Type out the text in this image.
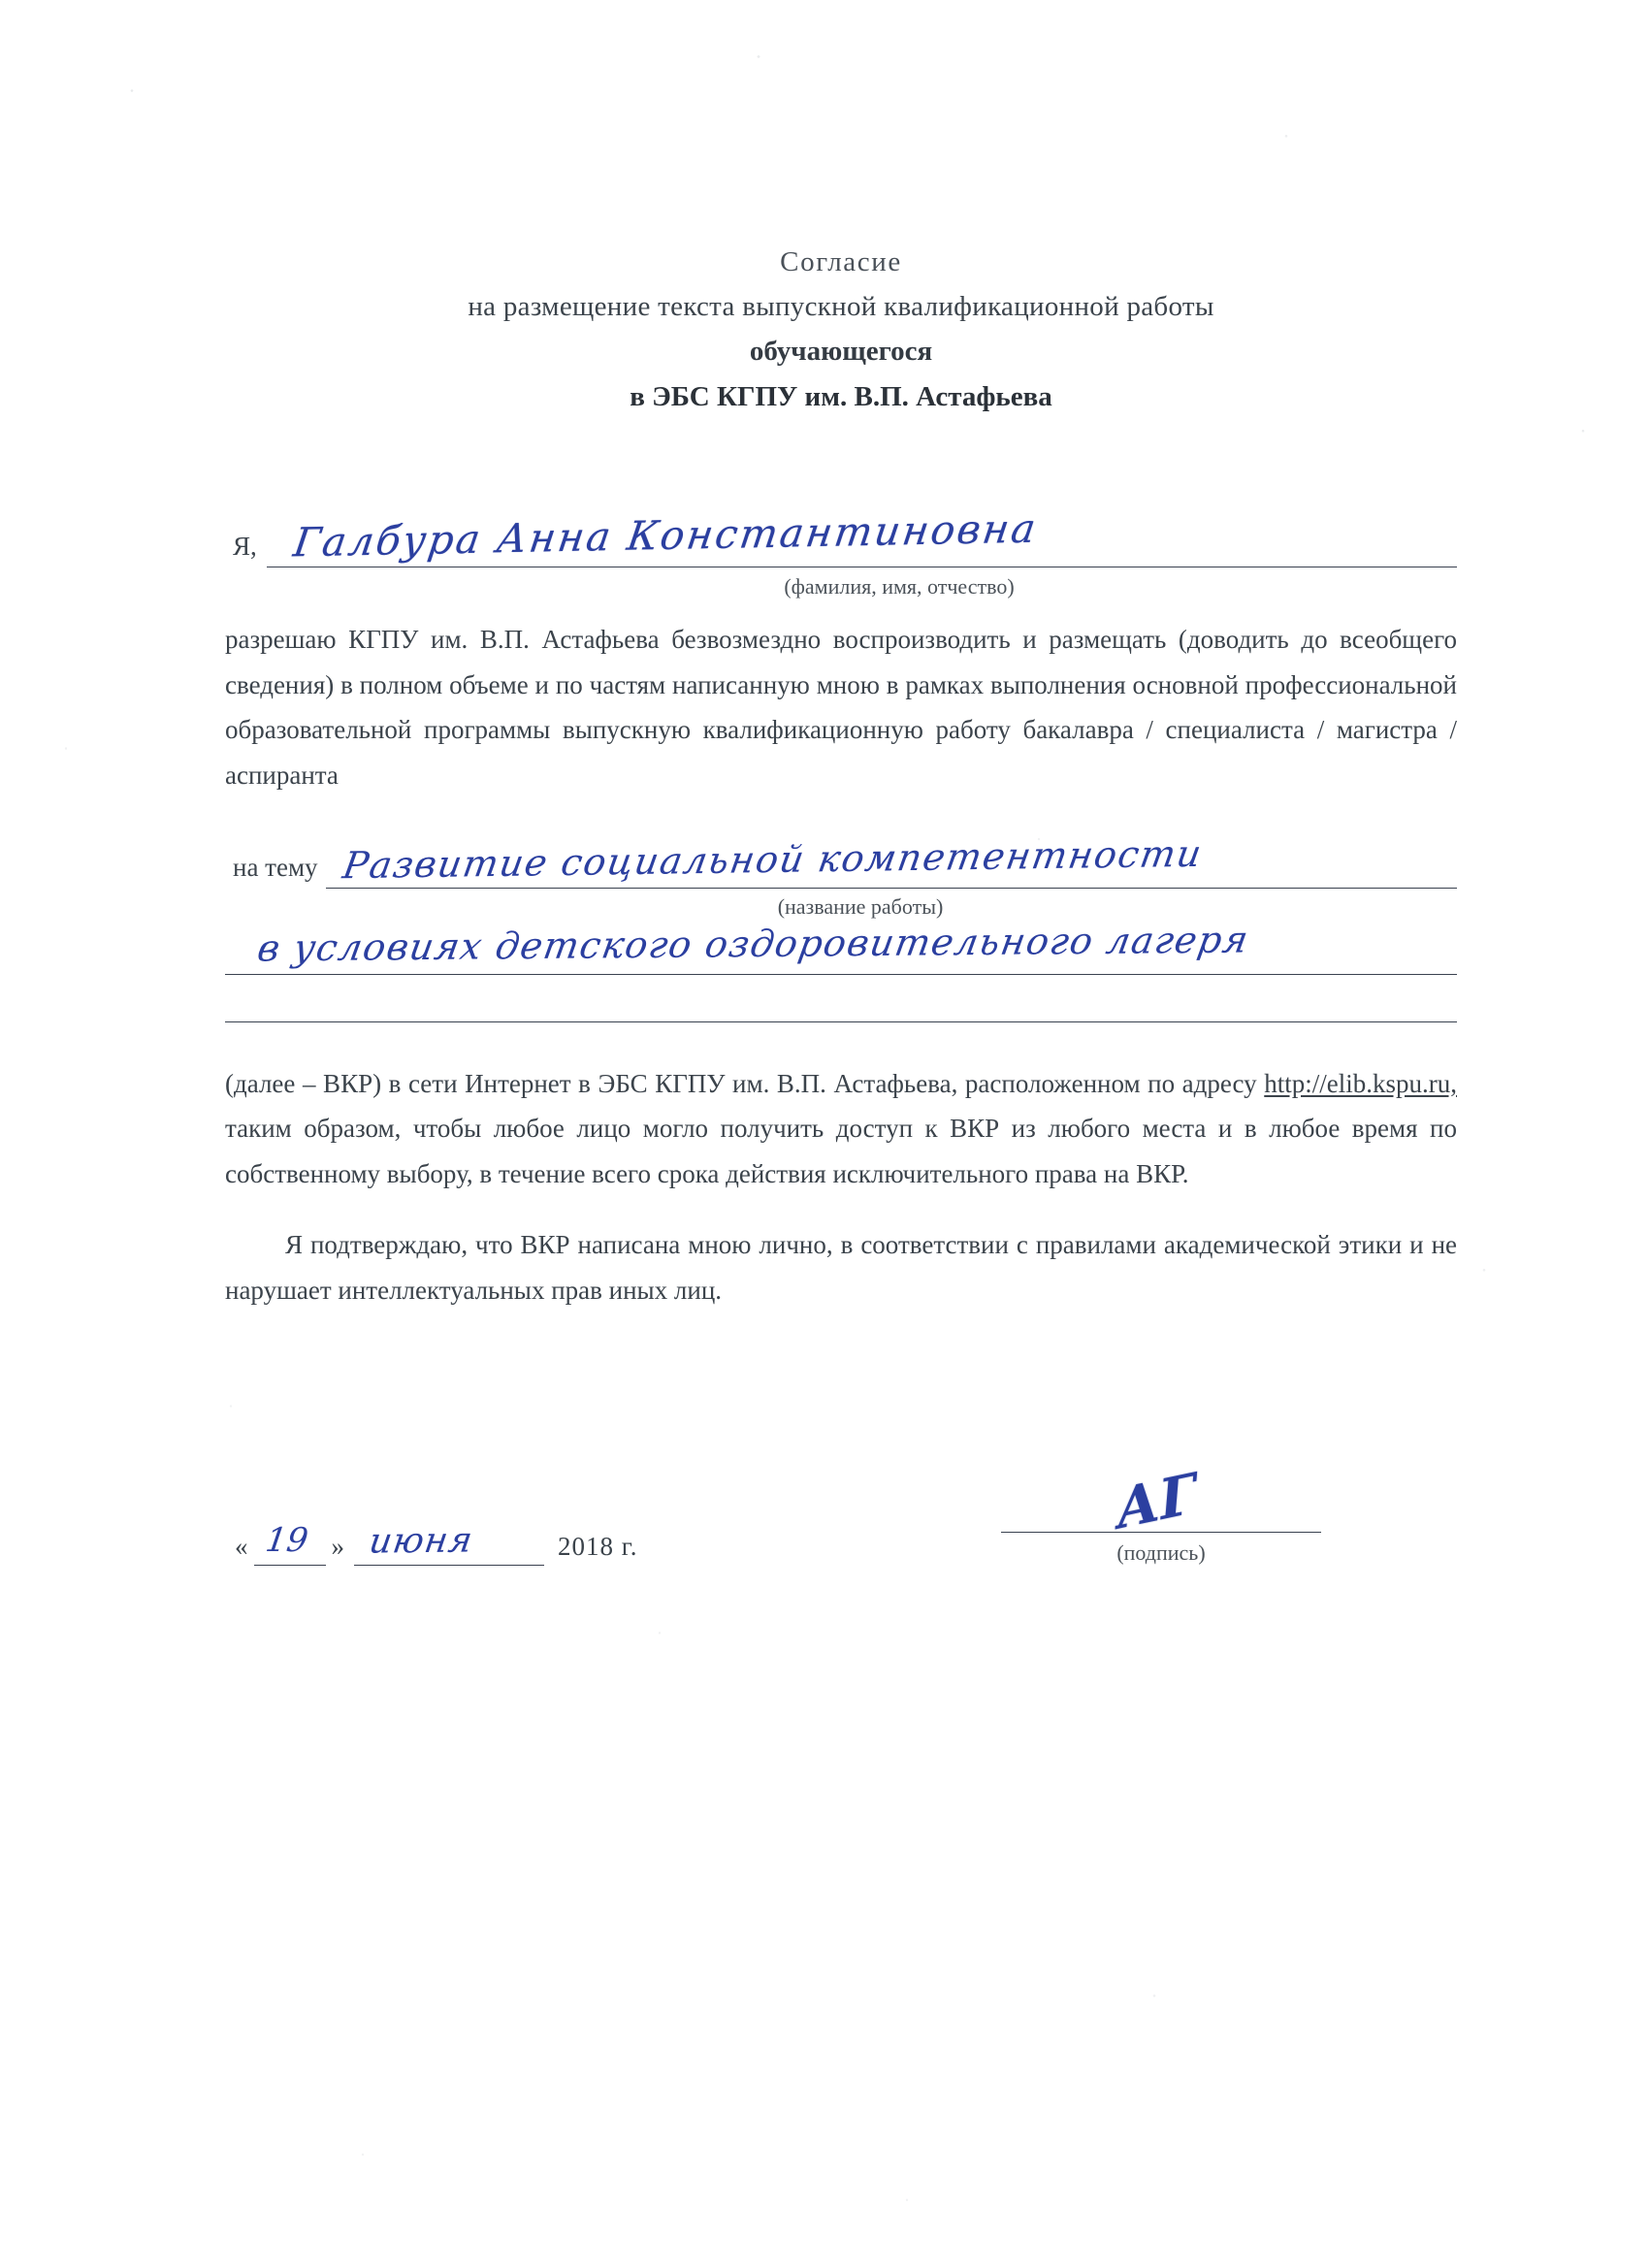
Согласие
на размещение текста выпускной квалификационной работы
обучающегося
в ЭБС КГПУ им. В.П. Астафьева
Я, Галбура Анна Константиновна
(фамилия, имя, отчество)

разрешаю КГПУ им. В.П. Астафьева безвозмездно воспроизводить и размещать (доводить до всеобщего сведения) в полном объеме и по частям написанную мною в рамках выполнения основной профессиональной образовательной программы выпускную квалификационную работу бакалавра / специалиста / магистра / аспиранта

на тему Развитие социальной компетентности
(название работы)
в условиях детского оздоровительного лагеря

(далее – ВКР) в сети Интернет в ЭБС КГПУ им. В.П. Астафьева, расположенном по адресу http://elib.kspu.ru, таким образом, чтобы любое лицо могло получить доступ к ВКР из любого места и в любое время по собственному выбору, в течение всего срока действия исключительного права на ВКР.

Я подтверждаю, что ВКР написана мною лично, в соответствии с правилами академической этики и не нарушает интеллектуальных прав иных лиц.

« 19 » июня	2018 г.
АГ
(подпись)
